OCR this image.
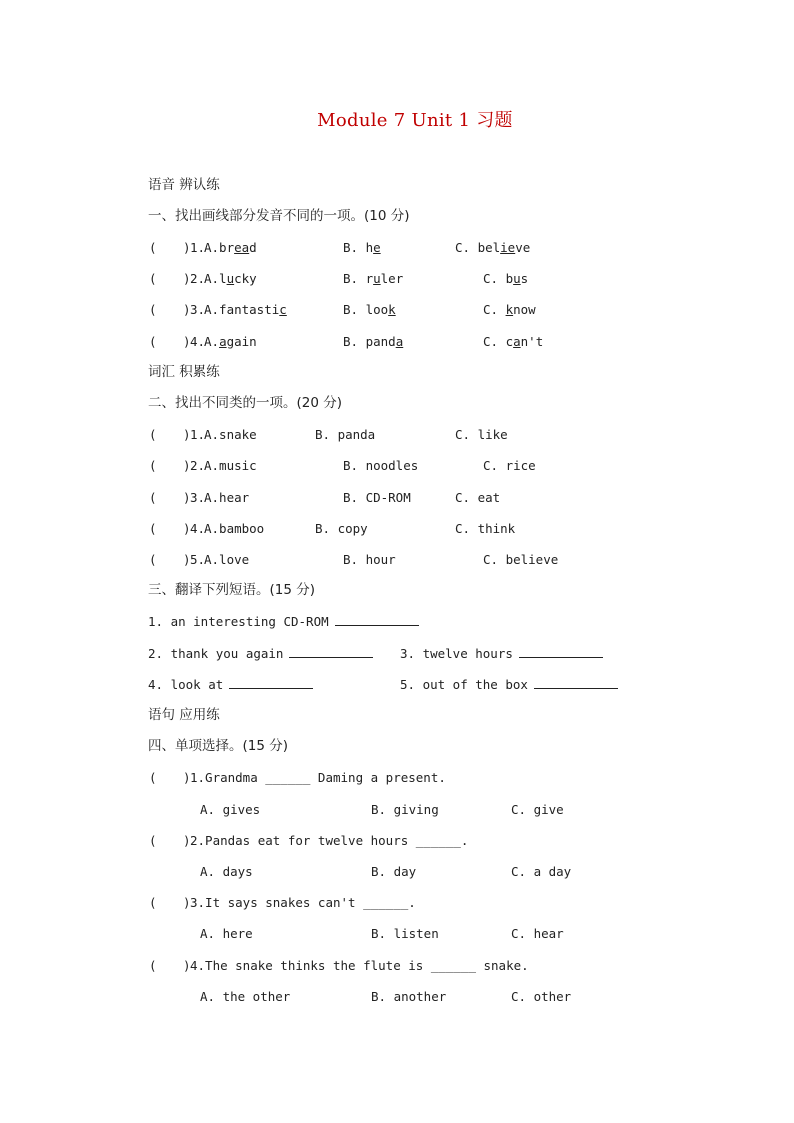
Module 7 Unit 1 习题
语音 辨认练
一、找出画线部分发音不同的一项。(10 分)
( ) 1.
A.bread	B. he	C. believe
( ) 2.
A.lucky	B. ruler	C. bus
( ) 3.
A.fantastic	B. look	C. know
( ) 4.
A.again	B. panda	C. can't
词汇 积累练
二、找出不同类的一项。(20 分)
( ) 1.
A.snake	B. panda	C. like
( ) 2.
A.music	B. noodles	C. rice
( ) 3.
A.hear	B. CD-ROM	C. eat
( ) 4.
A.bamboo	B. copy	C. think
( ) 5.
A.love	B. hour	C. believe
三、翻译下列短语。(15 分)
1. an interesting CD-ROM
2. thank you again	3. twelve hours
4. look at	5. out of the box
语句 应用练
四、单项选择。(15 分)
( ) 1.Grandma ______ Daming a present.
A. gives	B. giving	C. give
( ) 2.Pandas eat for twelve hours ______.
A. days	B. day	C. a day
( ) 3.It says snakes can't ______.
A. here	B. listen	C. hear
( ) 4.The snake thinks the flute is ______ snake.
A. the other	B. another	C. other
